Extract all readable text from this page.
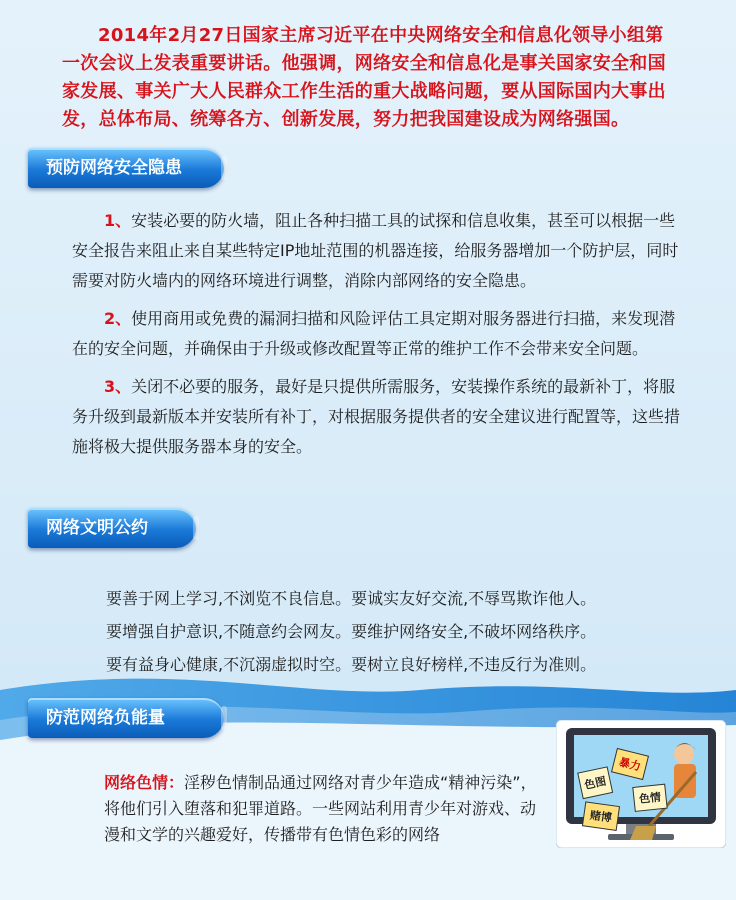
2014年2月27日国家主席习近平在中央网络安全和信息化领导小组第一次会议上发表重要讲话。他强调，网络安全和信息化是事关国家安全和国家发展、事关广大人民群众工作生活的重大战略问题，要从国际国内大事出发，总体布局、统筹各方、创新发展，努力把我国建设成为网络强国。

预防网络安全隐患

1、安装必要的防火墙，阻止各种扫描工具的试探和信息收集，甚至可以根据一些安全报告来阻止来自某些特定IP地址范围的机器连接，给服务器增加一个防护层，同时需要对防火墙内的网络环境进行调整，消除内部网络的安全隐患。

2、使用商用或免费的漏洞扫描和风险评估工具定期对服务器进行扫描，来发现潜在的安全问题，并确保由于升级或修改配置等正常的维护工作不会带来安全问题。

3、关闭不必要的服务，最好是只提供所需服务，安装操作系统的最新补丁，将服务升级到最新版本并安装所有补丁，对根据服务提供者的安全建议进行配置等，这些措施将极大提供服务器本身的安全。

网络文明公约
要善于网上学习,不浏览不良信息。要诚实友好交流,不辱骂欺诈他人。
要增强自护意识,不随意约会网友。要维护网络安全,不破坏网络秩序。
要有益身心健康,不沉溺虚拟时空。要树立良好榜样,不违反行为准则。
防范网络负能量
网络色情：淫秽色情制品通过网络对青少年造成“精神污染”，将他们引入堕落和犯罪道路。一些网站利用青少年对游戏、动漫和文学的兴趣爱好，传播带有色情色彩的网络
色图
暴力
色情
赌博
